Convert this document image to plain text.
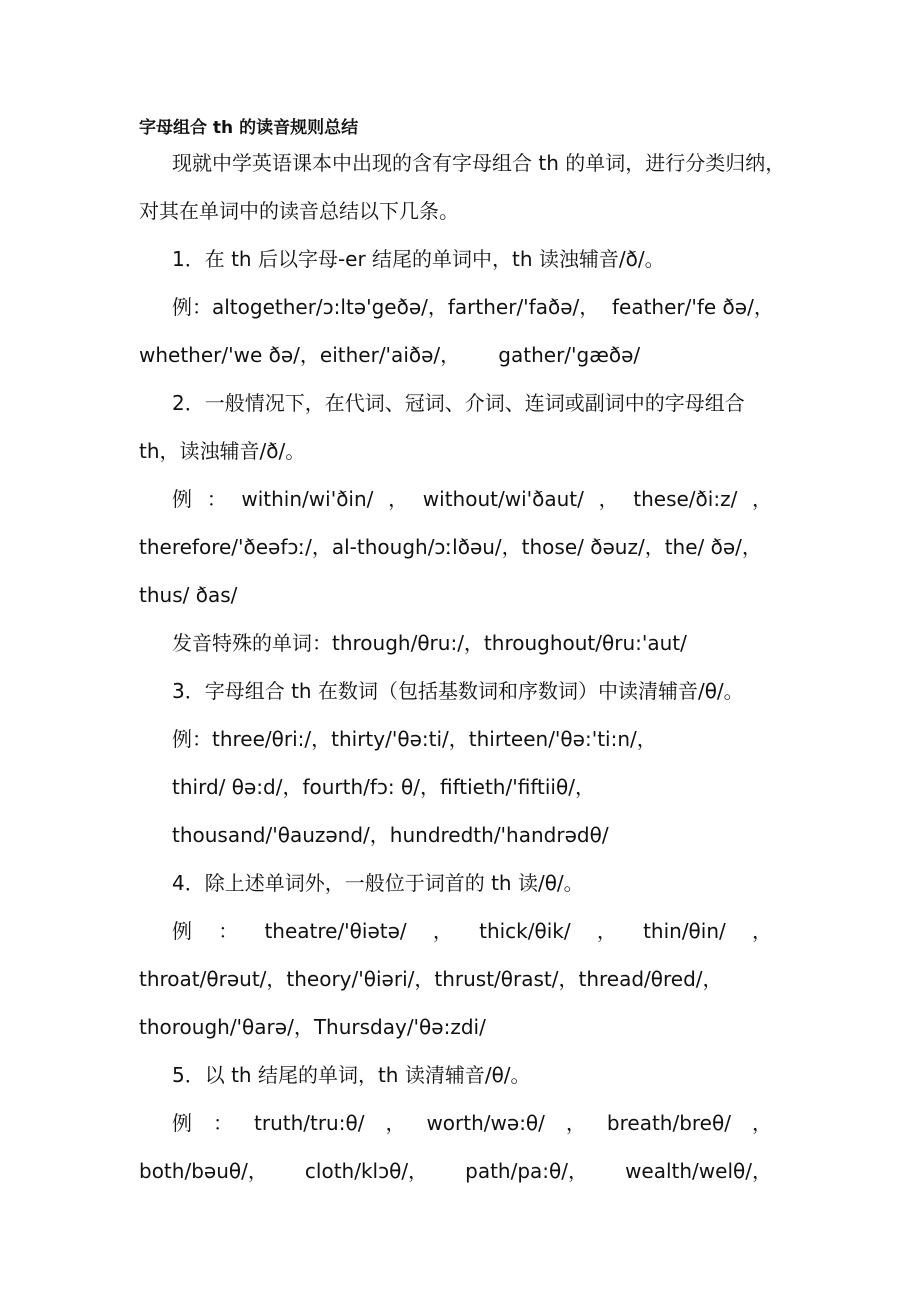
字母组合 th 的读音规则总结
现就中学英语课本中出现的含有字母组合 th 的单词，进行分类归纳，
对其在单词中的读音总结以下几条。
1．在 th 后以字母-er 结尾的单词中，th 读浊辅音/ð/。
例：altogether/ɔ:ltə'geðə/，farther/'faðə/，  feather/'fe ðə/，
whether/'we ðə/，either/'aiðə/，      gather/'gæðə/
2．一般情况下，在代词、冠词、介词、连词或副词中的字母组合
th，读浊辅音/ð/。
例 ： within/wi'ðin/ ， without/wi'ðaut/ ， these/ði:z/ ，
therefore/'ðeəfɔː/，al-though/ɔːlðəu/，those/ ðəuz/，the/ ðə/，
thus/ ðas/
发音特殊的单词：through/θru:/，throughout/θru:'aut/
3．字母组合 th 在数词（包括基数词和序数词）中读清辅音/θ/。
例：three/θri:/，thirty/'θə:ti/，thirteen/'θə:'ti:n/，
third/ θə:d/，fourth/fɔ: θ/，fiftieth/'fiftiiθ/，
thousand/'θauzənd/，hundredth/'handrədθ/
4．除上述单词外，一般位于词首的 th 读/θ/。
例 ： theatre/'θiətə/ ， thick/θik/ ， thin/θin/ ，
throat/θrəut/，theory/'θiəri/，thrust/θrast/，thread/θred/，
thorough/'θarə/，Thursday/'θə:zdi/
5．以 th 结尾的单词，th 读清辅音/θ/。
例 ： truth/tru:θ/ ， worth/wə:θ/ ， breath/breθ/ ，
both/bəuθ/， cloth/klɔθ/， path/pa:θ/， wealth/welθ/，
